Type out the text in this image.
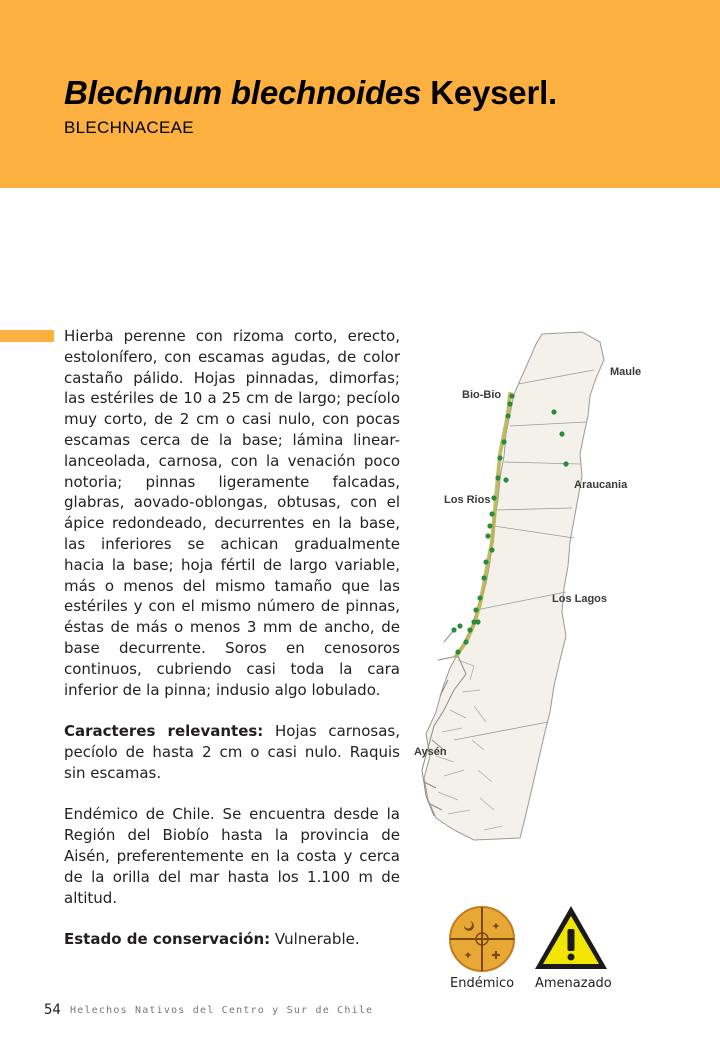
Blechnum blechnoides Keyserl.
BLECHNACEAE

Hierba perenne con rizoma corto, erecto, estolonífero, con escamas agudas, de color castaño pálido. Hojas pinnadas, dimorfas; las estériles de 10 a 25 cm de largo; pecíolo muy corto, de 2 cm o casi nulo, con pocas escamas cerca de la base; lámina linear-lanceolada, carnosa, con la venación poco notoria; pinnas ligeramente falcadas, glabras, aovado-oblongas, obtusas, con el ápice redondeado, decurrentes en la base, las inferiores se achican gradualmente hacia la base; hoja fértil de largo variable, más o menos del mismo tamaño que las estériles y con el mismo número de pinnas, éstas de más o menos 3 mm de ancho, de base decurrente. Soros en cenosoros continuos, cubriendo casi toda la cara inferior de la pinna; indusio algo lobulado.

Caracteres relevantes: Hojas carnosas, pecíolo de hasta 2 cm o casi nulo. Raquis sin escamas.

Endémico de Chile. Se encuentra desde la Región del Biobío hasta la provincia de Aisén, preferentemente en la costa y cerca de la orilla del mar hasta los 1.100 m de altitud.

Estado de conservación: Vulnerable.

Maule
Bio-Bio
Araucania
Los Rios
Los Lagos
Aysén
✦
✦ ✚
Endémico Amenazado
54 Helechos Nativos del Centro y Sur de Chile
